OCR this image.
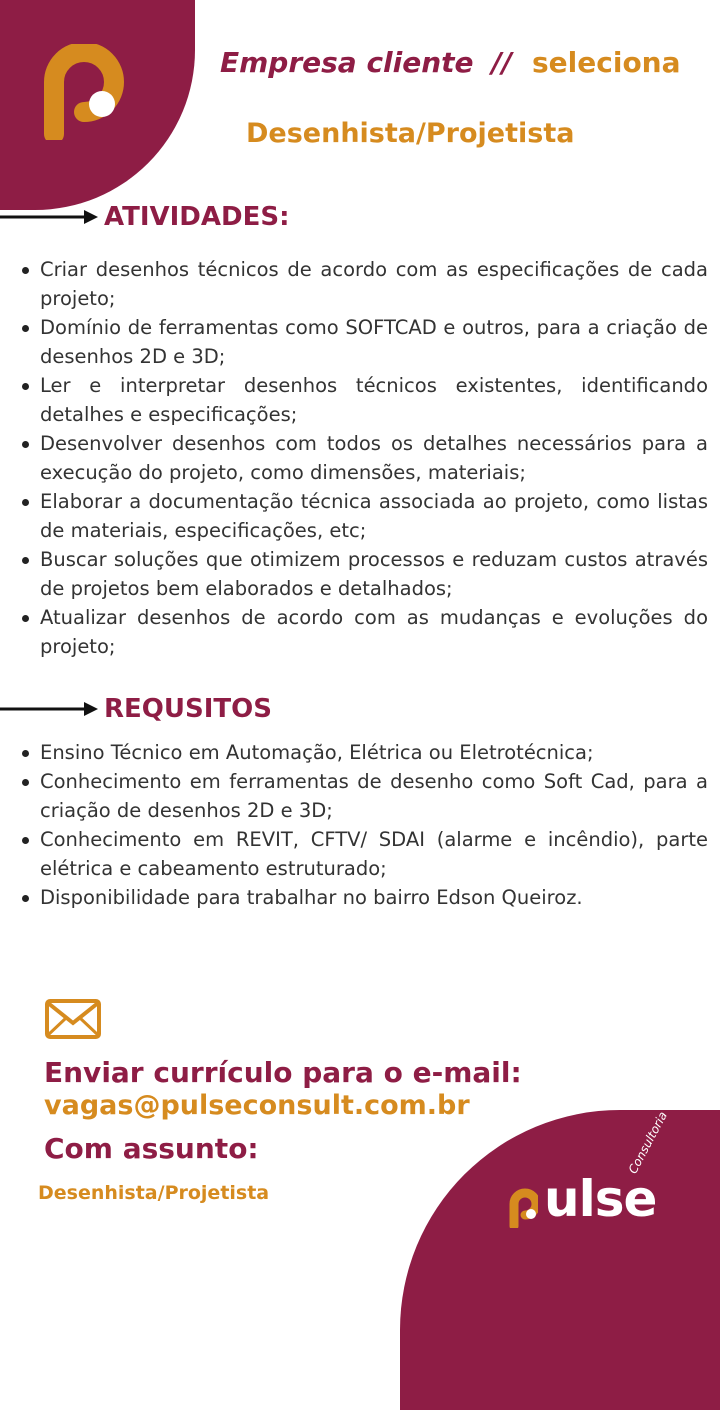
Empresa cliente // seleciona
Desenhista/Projetista
ATIVIDADES:
Criar desenhos técnicos de acordo com as especificações de cada projeto;
Domínio de ferramentas como SOFTCAD e outros, para a criação de desenhos 2D e 3D;
Ler e interpretar desenhos técnicos existentes, identificando detalhes e especificações;
Desenvolver desenhos com todos os detalhes necessários para a execução do projeto, como dimensões, materiais;
Elaborar a documentação técnica associada ao projeto, como listas de materiais, especificações, etc;
Buscar soluções que otimizem processos e reduzam custos através de projetos bem elaborados e detalhados;
Atualizar desenhos de acordo com as mudanças e evoluções do projeto;
REQUSITOS
Ensino Técnico em Automação, Elétrica ou Eletrotécnica;
Conhecimento em ferramentas de desenho como Soft Cad, para a criação de desenhos 2D e 3D;
Conhecimento em REVIT, CFTV/ SDAI (alarme e incêndio), parte elétrica e cabeamento estruturado;
Disponibilidade para trabalhar no bairro Edson Queiroz.
Enviar currículo para o e-mail:
vagas@pulseconsult.com.br
Com assunto:
Desenhista/Projetista	ulse
Consultoria
